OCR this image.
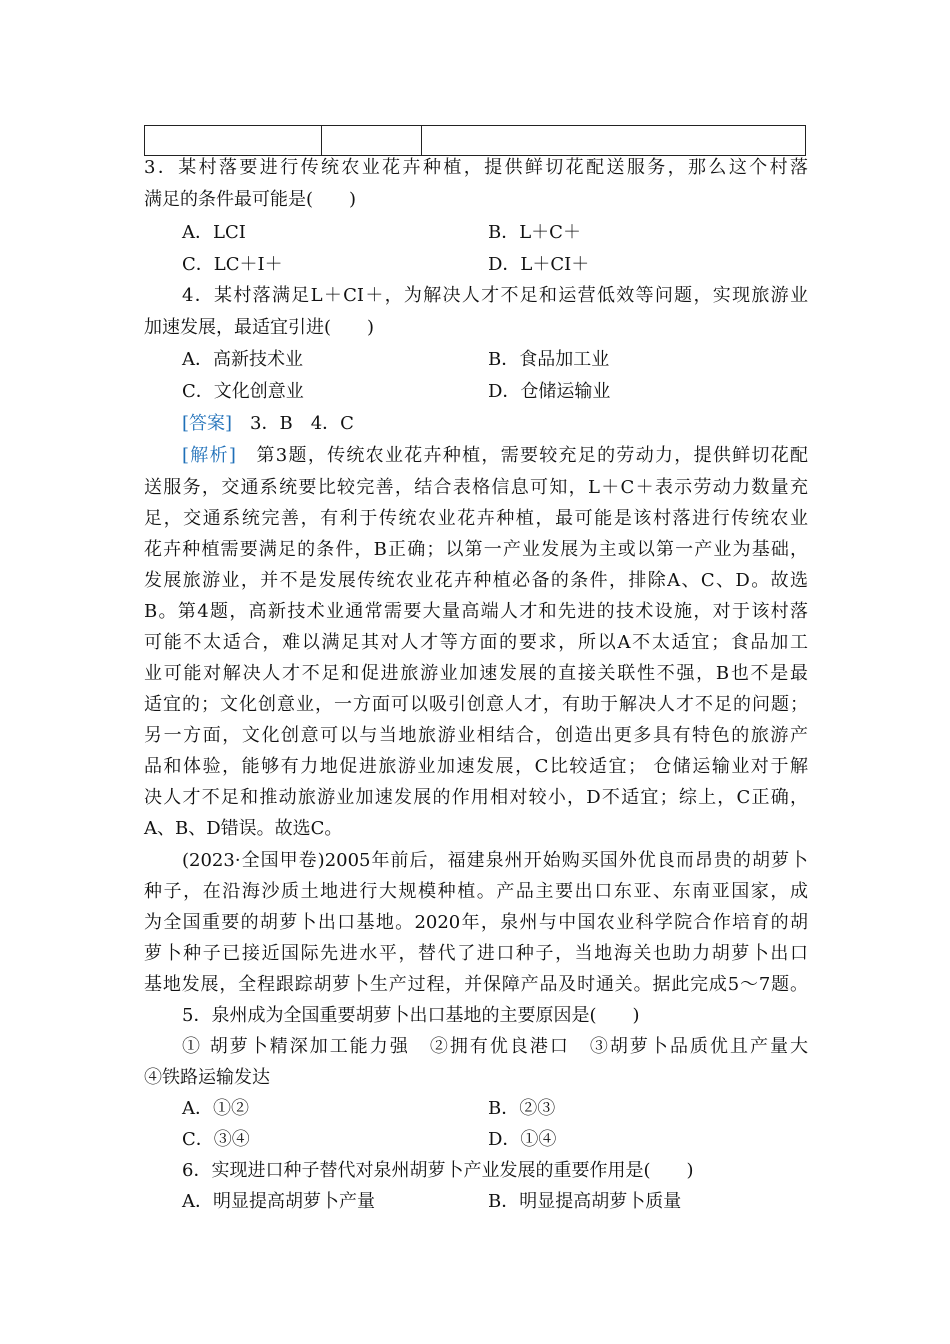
3．某村落要进行传统农业花卉种植，提供鲜切花配送服务，那么这个村落
满足的条件最可能是(　　)
A．LCI	B．L＋C＋
C．LC＋I＋	D．L＋CI＋
4．某村落满足L＋CI＋，为解决人才不足和运营低效等问题，实现旅游业
加速发展，最适宜引进(　　)
A．高新技术业	B．食品加工业
C．文化创意业	D．仓储运输业
[答案]　3．B　4．C
[解析]　第3题，传统农业花卉种植，需要较充足的劳动力，提供鲜切花配
送服务，交通系统要比较完善，结合表格信息可知，L＋C＋表示劳动力数量充
足，交通系统完善，有利于传统农业花卉种植，最可能是该村落进行传统农业
花卉种植需要满足的条件，B正确；以第一产业发展为主或以第一产业为基础，
发展旅游业，并不是发展传统农业花卉种植必备的条件，排除A、C、D。故选
B。第4题，高新技术业通常需要大量高端人才和先进的技术设施，对于该村落
可能不太适合，难以满足其对人才等方面的要求，所以A不太适宜；食品加工
业可能对解决人才不足和促进旅游业加速发展的直接关联性不强，B也不是最
适宜的；文化创意业，一方面可以吸引创意人才，有助于解决人才不足的问题；
另一方面，文化创意可以与当地旅游业相结合，创造出更多具有特色的旅游产
品和体验，能够有力地促进旅游业加速发展，C比较适宜； 仓储运输业对于解
决人才不足和推动旅游业加速发展的作用相对较小，D不适宜；综上，C正确，
A、B、D错误。故选C。
(2023·全国甲卷)2005年前后，福建泉州开始购买国外优良而昂贵的胡萝卜
种子，在沿海沙质土地进行大规模种植。产品主要出口东亚、东南亚国家，成
为全国重要的胡萝卜出口基地。2020年，泉州与中国农业科学院合作培育的胡
萝卜种子已接近国际先进水平，替代了进口种子，当地海关也助力胡萝卜出口
基地发展，全程跟踪胡萝卜生产过程，并保障产品及时通关。据此完成5～7题。
5．泉州成为全国重要胡萝卜出口基地的主要原因是(　　)
① 胡萝卜精深加工能力强　②拥有优良港口　③胡萝卜品质优且产量大
④铁路运输发达
A．①②	B．②③
C．③④	D．①④
6．实现进口种子替代对泉州胡萝卜产业发展的重要作用是(　　)
A．明显提高胡萝卜产量	B．明显提高胡萝卜质量
